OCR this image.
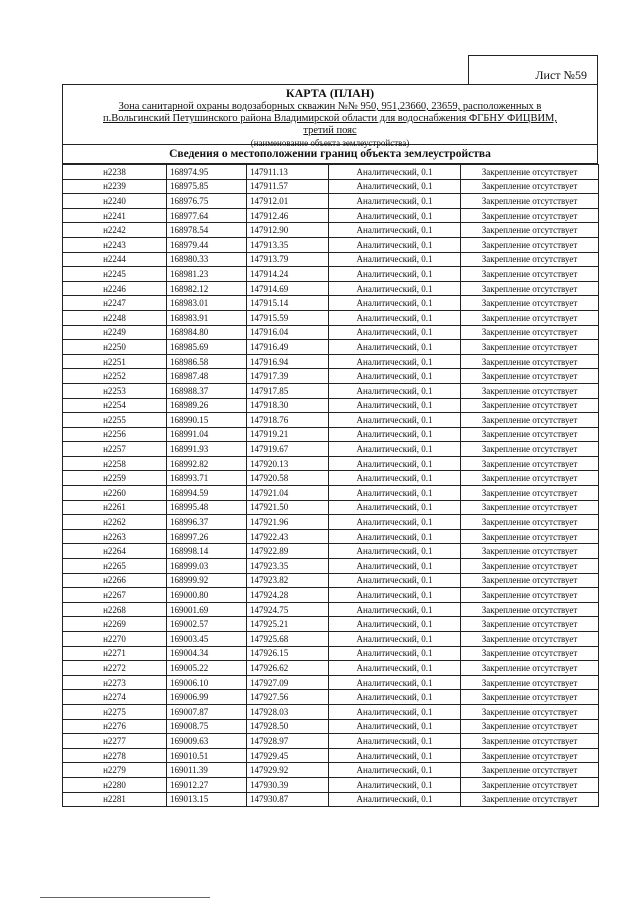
Лист №59
КАРТА (ПЛАН)
Зона санитарной охраны водозаборных скважин №№ 950, 951,23660, 23659, расположенных в
п.Вольгинский Петушинского района Владимирской области для водоснабжения ФГБНУ ФИЦВИМ,
третий пояс
(наименование объекта землеустройства)
Сведения о местоположении границ объекта землеустройства
н2238	168974.95	147911.13	Аналитический, 0.1	Закрепление отсутствует
н2239	168975.85	147911.57	Аналитический, 0.1	Закрепление отсутствует
н2240	168976.75	147912.01	Аналитический, 0.1	Закрепление отсутствует
н2241	168977.64	147912.46	Аналитический, 0.1	Закрепление отсутствует
н2242	168978.54	147912.90	Аналитический, 0.1	Закрепление отсутствует
н2243	168979.44	147913.35	Аналитический, 0.1	Закрепление отсутствует
н2244	168980.33	147913.79	Аналитический, 0.1	Закрепление отсутствует
н2245	168981.23	147914.24	Аналитический, 0.1	Закрепление отсутствует
н2246	168982.12	147914.69	Аналитический, 0.1	Закрепление отсутствует
н2247	168983.01	147915.14	Аналитический, 0.1	Закрепление отсутствует
н2248	168983.91	147915.59	Аналитический, 0.1	Закрепление отсутствует
н2249	168984.80	147916.04	Аналитический, 0.1	Закрепление отсутствует
н2250	168985.69	147916.49	Аналитический, 0.1	Закрепление отсутствует
н2251	168986.58	147916.94	Аналитический, 0.1	Закрепление отсутствует
н2252	168987.48	147917.39	Аналитический, 0.1	Закрепление отсутствует
н2253	168988.37	147917.85	Аналитический, 0.1	Закрепление отсутствует
н2254	168989.26	147918.30	Аналитический, 0.1	Закрепление отсутствует
н2255	168990.15	147918.76	Аналитический, 0.1	Закрепление отсутствует
н2256	168991.04	147919.21	Аналитический, 0.1	Закрепление отсутствует
н2257	168991.93	147919.67	Аналитический, 0.1	Закрепление отсутствует
н2258	168992.82	147920.13	Аналитический, 0.1	Закрепление отсутствует
н2259	168993.71	147920.58	Аналитический, 0.1	Закрепление отсутствует
н2260	168994.59	147921.04	Аналитический, 0.1	Закрепление отсутствует
н2261	168995.48	147921.50	Аналитический, 0.1	Закрепление отсутствует
н2262	168996.37	147921.96	Аналитический, 0.1	Закрепление отсутствует
н2263	168997.26	147922.43	Аналитический, 0.1	Закрепление отсутствует
н2264	168998.14	147922.89	Аналитический, 0.1	Закрепление отсутствует
н2265	168999.03	147923.35	Аналитический, 0.1	Закрепление отсутствует
н2266	168999.92	147923.82	Аналитический, 0.1	Закрепление отсутствует
н2267	169000.80	147924.28	Аналитический, 0.1	Закрепление отсутствует
н2268	169001.69	147924.75	Аналитический, 0.1	Закрепление отсутствует
н2269	169002.57	147925.21	Аналитический, 0.1	Закрепление отсутствует
н2270	169003.45	147925.68	Аналитический, 0.1	Закрепление отсутствует
н2271	169004.34	147926.15	Аналитический, 0.1	Закрепление отсутствует
н2272	169005.22	147926.62	Аналитический, 0.1	Закрепление отсутствует
н2273	169006.10	147927.09	Аналитический, 0.1	Закрепление отсутствует
н2274	169006.99	147927.56	Аналитический, 0.1	Закрепление отсутствует
н2275	169007.87	147928.03	Аналитический, 0.1	Закрепление отсутствует
н2276	169008.75	147928.50	Аналитический, 0.1	Закрепление отсутствует
н2277	169009.63	147928.97	Аналитический, 0.1	Закрепление отсутствует
н2278	169010.51	147929.45	Аналитический, 0.1	Закрепление отсутствует
н2279	169011.39	147929.92	Аналитический, 0.1	Закрепление отсутствует
н2280	169012.27	147930.39	Аналитический, 0.1	Закрепление отсутствует
н2281	169013.15	147930.87	Аналитический, 0.1	Закрепление отсутствует
